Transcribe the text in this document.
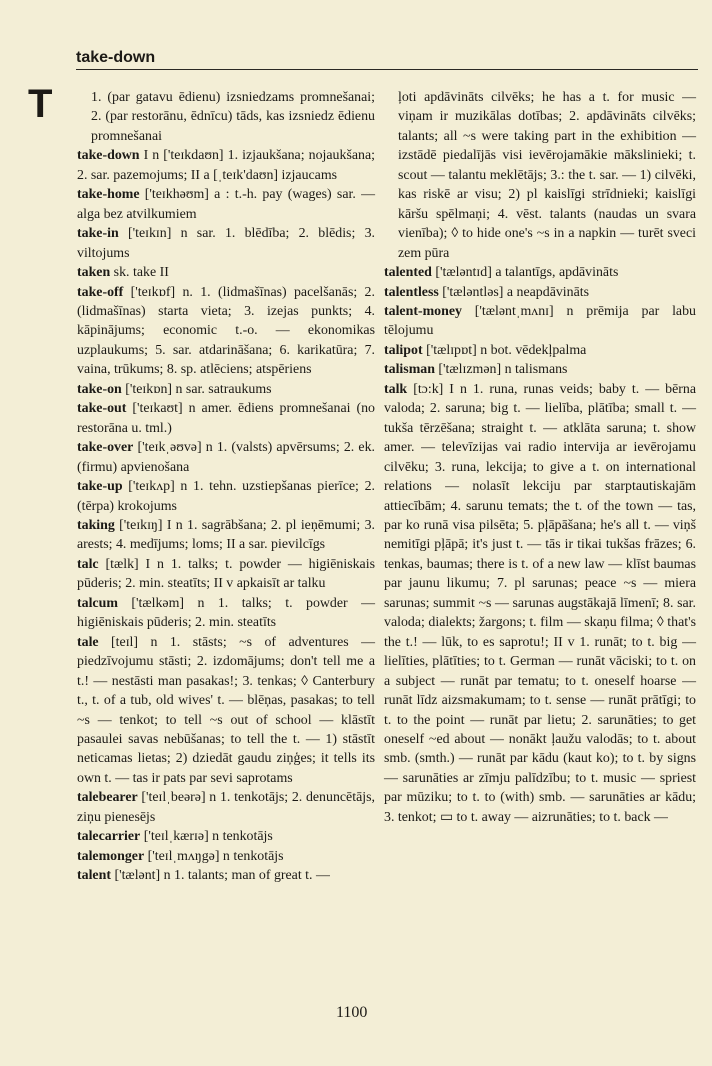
take-down
T	1. (par gatavu ēdienu) izsniedzams promnešanai; 2. (par restorānu, ēdnīcu) tāds, kas izsniedz ēdienu promnešanai

take-down I n ['teɪkdaʊn] 1. izjaukšana; nojaukšana; 2. sar. pazemojums; II a [ˌteɪk'daʊn] izjaucams

take-home ['teɪkhəʊm] a : t.-h. pay (wages) sar. — alga bez atvilkumiem

take-in ['teɪkɪn] n sar. 1. blēdība; 2. blēdis; 3. viltojums

taken sk. take II

take-off ['teɪkɒf] n. 1. (lidmašīnas) pacelšanās; 2. (lidmašīnas) starta vieta; 3. izejas punkts; 4. kāpinājums; economic t.-o. — ekonomikas uzplaukums; 5. sar. atdarināšana; 6. karikatūra; 7. vaina, trūkums; 8. sp. atlēciens; atspēriens

take-on ['teɪkɒn] n sar. satraukums

take-out ['teɪkaʊt] n amer. ēdiens promnešanai (no restorāna u. tml.)

take-over ['teɪkˌəʊvə] n 1. (valsts) apvērsums; 2. ek. (firmu) apvienošana

take-up ['teɪkʌp] n 1. tehn. uzstiepšanas pierīce; 2. (tērpa) krokojums

taking ['teɪkɪŋ] I n 1. sagrābšana; 2. pl ieņēmumi; 3. arests; 4. medījums; loms; II a sar. pievilcīgs

talc [tælk] I n 1. talks; t. powder — higiēniskais pūderis; 2. min. steatīts; II v apkaisīt ar talku

talcum ['tælkəm] n 1. talks; t. powder — higiēniskais pūderis; 2. min. steatīts

tale [teɪl] n 1. stāsts; ~s of adventures — piedzīvojumu stāsti; 2. izdomājums; don't tell me a t.! — nestāsti man pasakas!; 3. tenkas; ◊ Canterbury t., t. of a tub, old wives' t. — blēņas, pasakas; to tell ~s — tenkot; to tell ~s out of school — klāstīt pasaulei savas nebūšanas; to tell the t. — 1) stāstīt neticamas lietas; 2) dziedāt gaudu ziņģes; it tells its own t. — tas ir pats par sevi saprotams

talebearer ['teɪlˌbeərə] n 1. tenkotājs; 2. denuncētājs, ziņu pienesējs

talecarrier ['teɪlˌkærɪə] n tenkotājs

talemonger ['teɪlˌmʌŋgə] n tenkotājs

talent ['tælənt] n 1. talants; man of great t. —

ļoti apdāvināts cilvēks; he has a t. for music — viņam ir muzikālas dotības; 2. apdāvināts cilvēks; talants; all ~s were taking part in the exhibition — izstādē piedalījās visi ievērojamākie mākslinieki; t. scout — talantu meklētājs; 3.: the t. sar. — 1) cilvēki, kas riskē ar visu; 2) pl kaislīgi strīdnieki; kaislīgi kāršu spēlmaņi; 4. vēst. talants (naudas un svara vienība); ◊ to hide one's ~s in a napkin — turēt sveci zem pūra

talented ['tæləntɪd] a talantīgs, apdāvināts

talentless ['tæləntləs] a neapdāvināts

talent-money ['tæləntˌmʌnɪ] n prēmija par labu tēlojumu

talipot ['tælɪpɒt] n bot. vēdekļpalma

talisman ['tælɪzmən] n talismans

talk [tɔ:k] I n 1. runa, runas veids; baby t. — bērna valoda; 2. saruna; big t. — lielība, plātība; small t. — tukša tērzēšana; straight t. — atklāta saruna; t. show amer. — televīzijas vai radio intervija ar ievērojamu cilvēku; 3. runa, lekcija; to give a t. on international relations — nolasīt lekciju par starptautiskajām attiecībām; 4. sarunu temats; the t. of the town — tas, par ko runā visa pilsēta; 5. pļāpāšana; he's all t. — viņš nemitīgi pļāpā; it's just t. — tās ir tikai tukšas frāzes; 6. tenkas, baumas; there is t. of a new law — klīst baumas par jaunu likumu; 7. pl sarunas; peace ~s — miera sarunas; summit ~s — sarunas augstākajā līmenī; 8. sar. valoda; dialekts; žargons; t. film — skaņu filma; ◊ that's the t.! — lūk, to es saprotu!; II v 1. runāt; to t. big — lielīties, plātīties; to t. German — runāt vāciski; to t. on a subject — runāt par tematu; to t. oneself hoarse — runāt līdz aizsmakumam; to t. sense — runāt prātīgi; to t. to the point — runāt par lietu; 2. sarunāties; to get oneself ~ed about — nonākt ļaužu valodās; to t. about smb. (smth.) — runāt par kādu (kaut ko); to t. by signs — sarunāties ar zīmju palīdzību; to t. music — spriest par mūziku; to t. to (with) smb. — sarunāties ar kādu; 3. tenkot; ▭ to t. away — aizrunāties; to t. back —

1100
